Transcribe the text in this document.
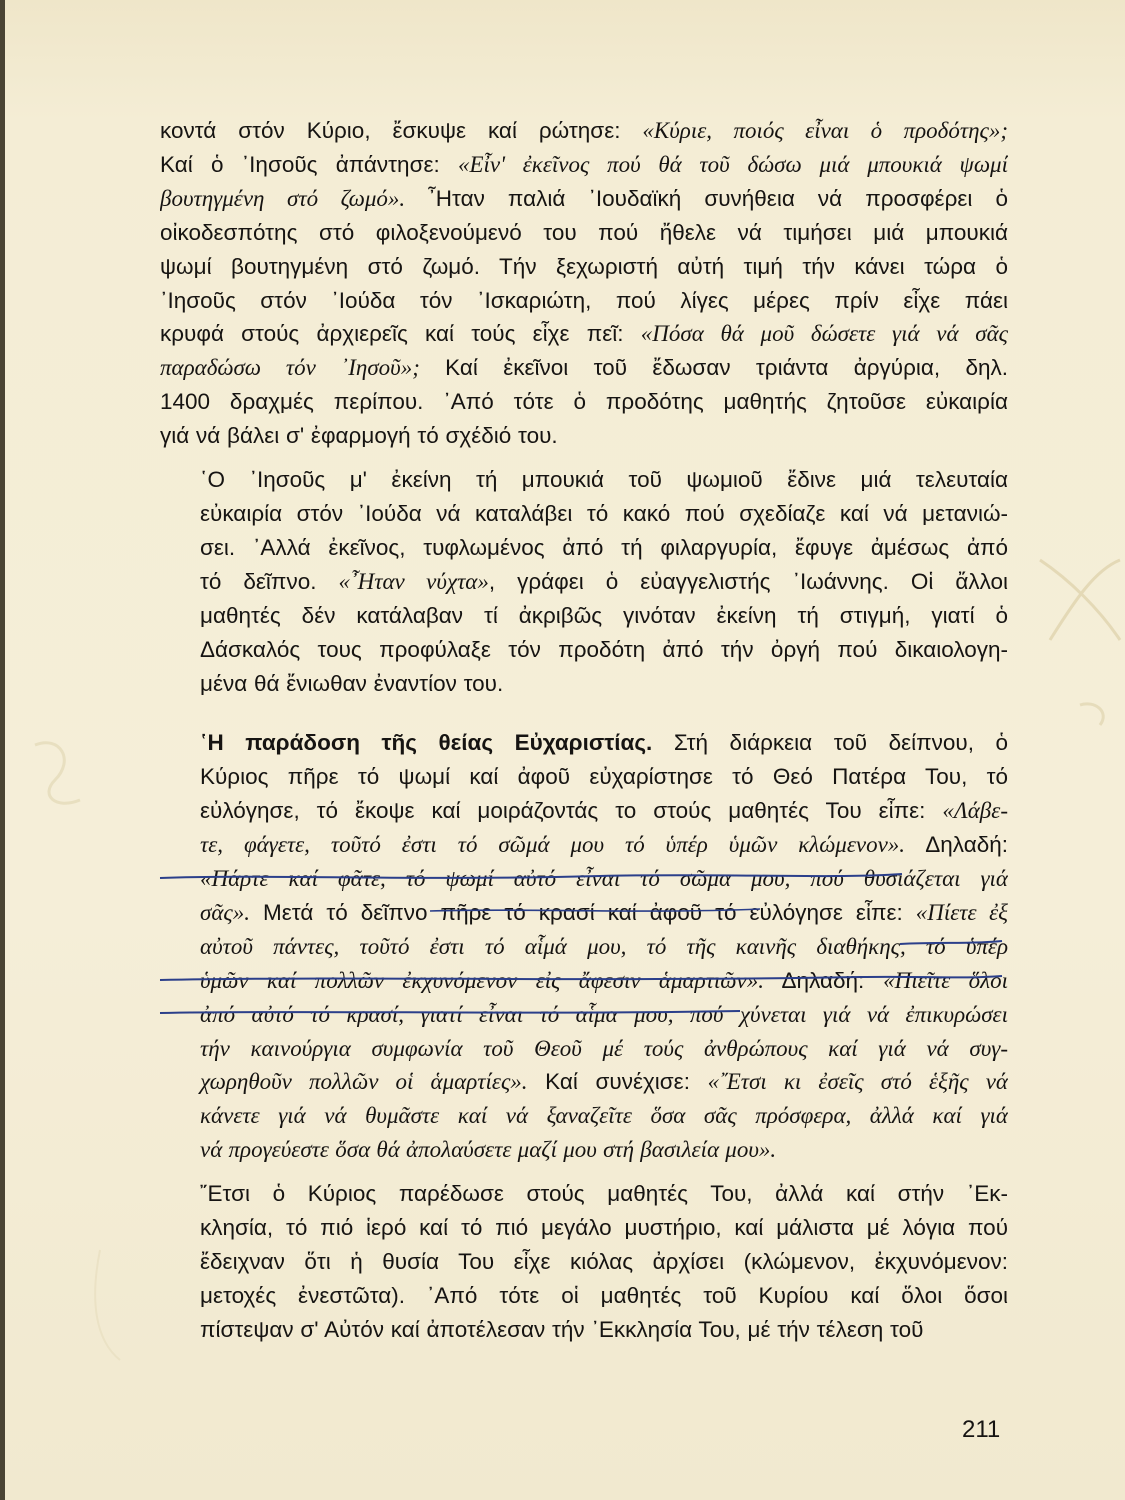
κοντά στόν Κύριο, ἔσκυψε καί ρώτησε: «Κύριε, ποιός εἶναι ὁ προδότης»;
Καί ὁ ᾿Ιησοῦς ἀπάντησε: «Εἶν' ἐκεῖνος πού θά τοῦ δώσω μιά μπουκιά ψωμί
βουτηγμένη στό ζωμό». ῏Ηταν παλιά ᾿Ιουδαϊκή συνήθεια νά προσφέρει ὁ
οἰκοδεσπότης στό φιλοξενούμενό του πού ἤθελε νά τιμήσει μιά μπουκιά
ψωμί βουτηγμένη στό ζωμό. Τήν ξεχωριστή αὐτή τιμή τήν κάνει τώρα ὁ
᾿Ιησοῦς στόν ᾿Ιούδα τόν ᾿Ισκαριώτη, πού λίγες μέρες πρίν εἶχε πάει
κρυφά στούς ἀρχιερεῖς καί τούς εἶχε πεῖ: «Πόσα θά μοῦ δώσετε γιά νά σᾶς
παραδώσω τόν ᾿Ιησοῦ»; Καί ἐκεῖνοι τοῦ ἔδωσαν τριάντα ἀργύρια, δηλ.
1400 δραχμές περίπου. ᾿Από τότε ὁ προδότης μαθητής ζητοῦσε εὐκαιρία
γιά νά βάλει σ' ἐφαρμογή τό σχέδιό του.

῾Ο ᾿Ιησοῦς μ' ἐκείνη τή μπουκιά τοῦ ψωμιοῦ ἔδινε μιά τελευταία
εὐκαιρία στόν ᾿Ιούδα νά καταλάβει τό κακό πού σχεδίαζε καί νά μετανιώ-
σει. ᾿Αλλά ἐκεῖνος, τυφλωμένος ἀπό τή φιλαργυρία, ἔφυγε ἀμέσως ἀπό
τό δεῖπνο. «῏Ηταν νύχτα», γράφει ὁ εὐαγγελιστής ᾿Ιωάννης. Οἱ ἄλλοι
μαθητές δέν κατάλαβαν τί ἀκριβῶς γινόταν ἐκείνη τή στιγμή, γιατί ὁ
Δάσκαλός τους προφύλαξε τόν προδότη ἀπό τήν ὀργή πού δικαιολογη-
μένα θά ἔνιωθαν ἐναντίον του.

῾Η παράδοση τῆς θείας Εὐχαριστίας. Στή διάρκεια τοῦ δείπνου, ὁ
Κύριος πῆρε τό ψωμί καί ἀφοῦ εὐχαρίστησε τό Θεό Πατέρα Του, τό
εὐλόγησε, τό ἔκοψε καί μοιράζοντάς το στούς μαθητές Του εἶπε: «Λάβε-
τε, φάγετε, τοῦτό ἐστι τό σῶμά μου τό ὑπέρ ὑμῶν κλώμενον». Δηλαδή:
«Πάρτε καί φᾶτε, τό ψωμί αὐτό εἶναι τό σῶμα μου, πού θυσιάζεται γιά
σᾶς». Μετά τό δεῖπνο πῆρε τό κρασί καί ἀφοῦ τό εὐλόγησε εἶπε: «Πίετε ἐξ
αὐτοῦ πάντες, τοῦτό ἐστι τό αἷμά μου, τό τῆς καινῆς διαθήκης, τό ὑπέρ
ὑμῶν καί πολλῶν ἐκχυνόμενον εἰς ἄφεσιν ἁμαρτιῶν». Δηλαδή: «Πιεῖτε ὅλοι
ἀπό αὐτό τό κρασί, γιατί εἶναι τό αἷμα μου, πού χύνεται γιά νά ἐπικυρώσει
τήν καινούργια συμφωνία τοῦ Θεοῦ μέ τούς ἀνθρώπους καί γιά νά συγ-
χωρηθοῦν πολλῶν οἱ ἁμαρτίες». Καί συνέχισε: «῎Ετσι κι ἐσεῖς στό ἑξῆς νά
κάνετε γιά νά θυμᾶστε καί νά ξαναζεῖτε ὅσα σᾶς πρόσφερα, ἀλλά καί γιά
νά προγεύεστε ὅσα θά ἀπολαύσετε μαζί μου στή βασιλεία μου».

῎Ετσι ὁ Κύριος παρέδωσε στούς μαθητές Του, ἀλλά καί στήν ᾿Εκ-
κλησία, τό πιό ἱερό καί τό πιό μεγάλο μυστήριο, καί μάλιστα μέ λόγια πού
ἔδειχναν ὅτι ἡ θυσία Του εἶχε κιόλας ἀρχίσει (κλώμενον, ἐκχυνόμενον:
μετοχές ἐνεστῶτα). ᾿Από τότε οἱ μαθητές τοῦ Κυρίου καί ὅλοι ὅσοι
πίστεψαν σ' Αὐτόν καί ἀποτέλεσαν τήν ᾿Εκκλησία Του, μέ τήν τέλεση τοῦ

211
